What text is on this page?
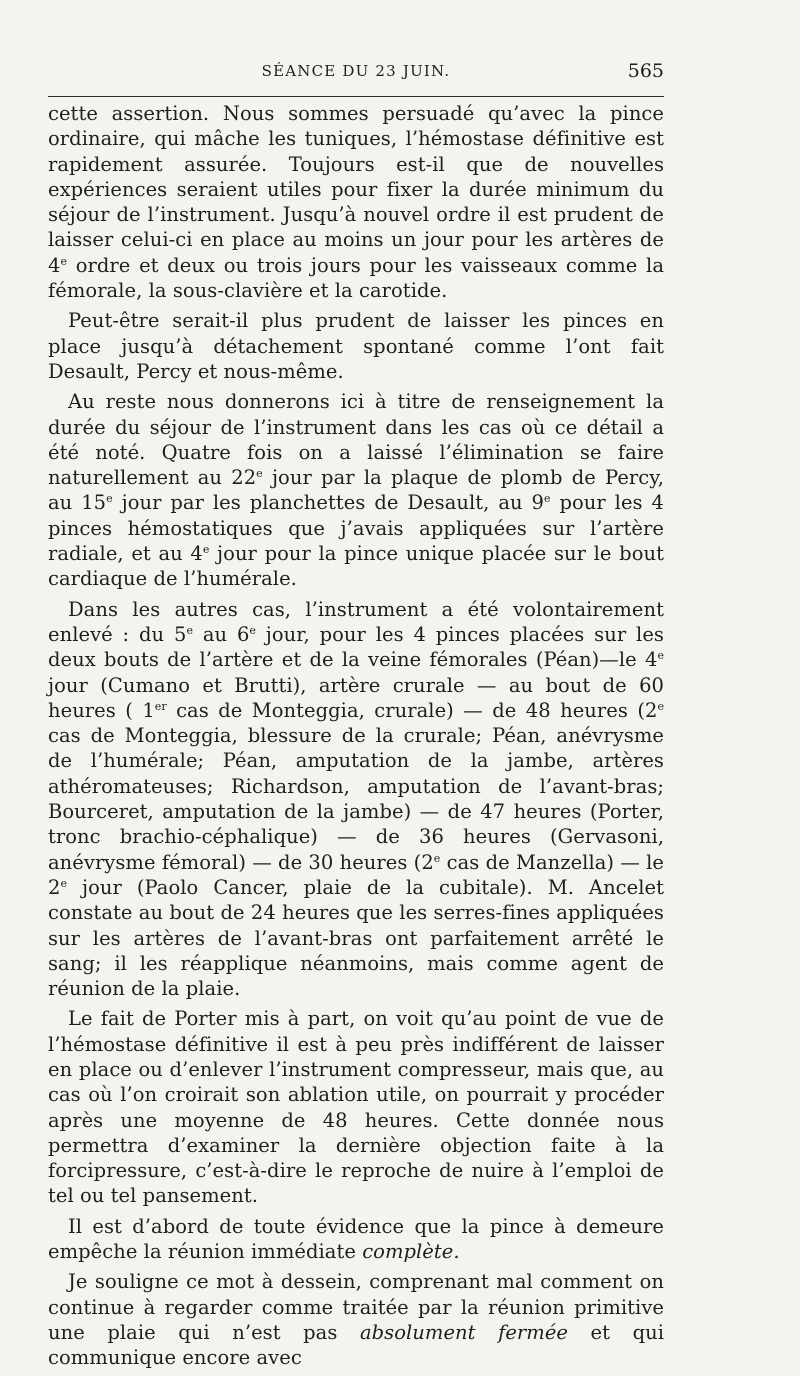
SÉANCE DU 23 JUIN.	565

cette assertion. Nous sommes persuadé qu’avec la pince ordinaire, qui mâche les tuniques, l’hémostase définitive est rapidement assurée. Toujours est-il que de nouvelles expériences seraient utiles pour fixer la durée minimum du séjour de l’instrument. Jusqu’à nouvel ordre il est prudent de laisser celui-ci en place au moins un jour pour les artères de 4e ordre et deux ou trois jours pour les vaisseaux comme la fémorale, la sous-clavière et la carotide.

Peut-être serait-il plus prudent de laisser les pinces en place jusqu’à détachement spontané comme l’ont fait Desault, Percy et nous-même.

Au reste nous donnerons ici à titre de renseignement la durée du séjour de l’instrument dans les cas où ce détail a été noté. Quatre fois on a laissé l’élimination se faire naturellement au 22e jour par la plaque de plomb de Percy, au 15e jour par les planchettes de Desault, au 9e pour les 4 pinces hémostatiques que j’avais appliquées sur l’artère radiale, et au 4e jour pour la pince unique placée sur le bout cardiaque de l’humérale.

Dans les autres cas, l’instrument a été volontairement enlevé : du 5e au 6e jour, pour les 4 pinces placées sur les deux bouts de l’artère et de la veine fémorales (Péan)—le 4e jour (Cumano et Brutti), artère crurale — au bout de 60 heures ( 1er cas de Monteggia, crurale) — de 48 heures (2e cas de Monteggia, blessure de la crurale; Péan, anévrysme de l’humérale; Péan, amputation de la jambe, artères athéromateuses; Richardson, amputation de l’avant-bras; Bourceret, amputation de la jambe) — de 47 heures (Porter, tronc brachio-céphalique) — de 36 heures (Gervasoni, anévrysme fémoral) — de 30 heures (2e cas de Manzella) — le 2e jour (Paolo Cancer, plaie de la cubitale). M. Ancelet constate au bout de 24 heures que les serres-fines appliquées sur les artères de l’avant-bras ont parfaitement arrêté le sang; il les réapplique néanmoins, mais comme agent de réunion de la plaie.

Le fait de Porter mis à part, on voit qu’au point de vue de l’hémostase définitive il est à peu près indifférent de laisser en place ou d’enlever l’instrument compresseur, mais que, au cas où l’on croirait son ablation utile, on pourrait y procéder après une moyenne de 48 heures. Cette donnée nous permettra d’examiner la dernière objection faite à la forcipressure, c’est-à-dire le reproche de nuire à l’emploi de tel ou tel pansement.

Il est d’abord de toute évidence que la pince à demeure empêche la réunion immédiate complète.

Je souligne ce mot à dessein, comprenant mal comment on continue à regarder comme traitée par la réunion primitive une plaie qui n’est pas absolument fermée et qui communique encore avec
